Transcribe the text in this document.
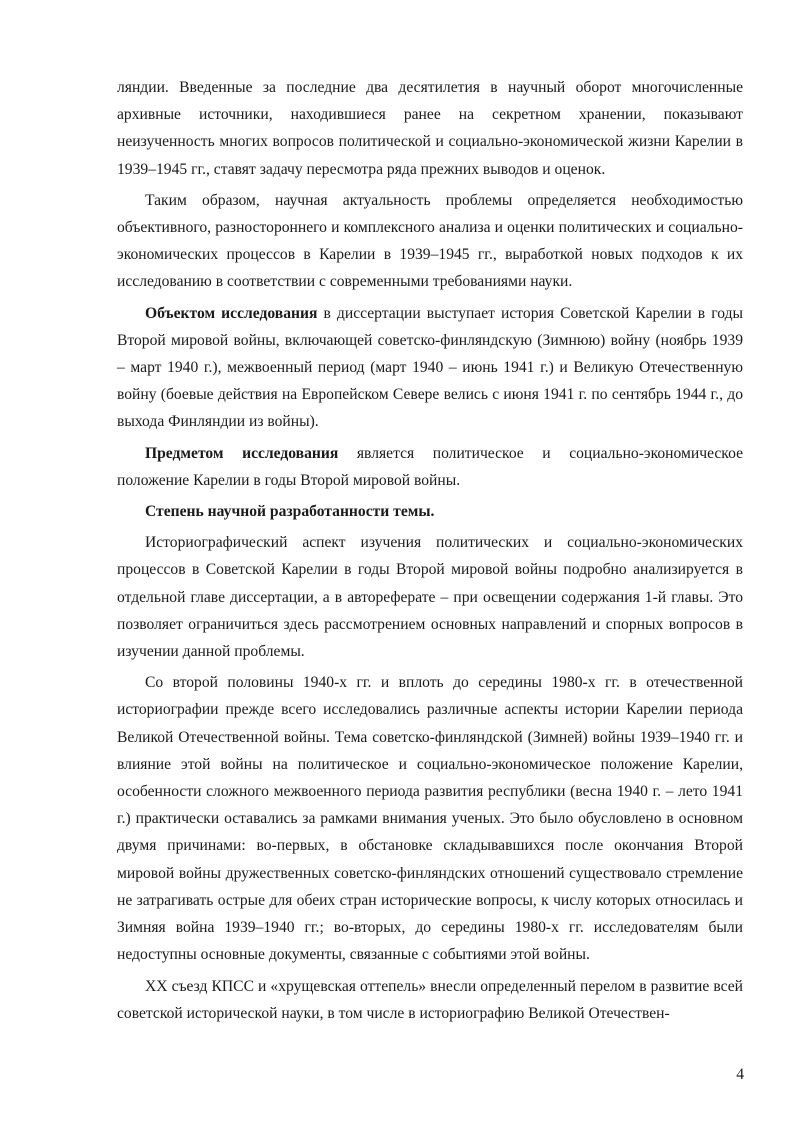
ляндии. Введенные за последние два десятилетия в научный оборот многочисленные архивные источники, находившиеся ранее на секретном хранении, показывают неизученность многих вопросов политической и социально-экономической жизни Карелии в 1939–1945 гг., ставят задачу пересмотра ряда прежних выводов и оценок.

Таким образом, научная актуальность проблемы определяется необходимостью объективного, разностороннего и комплексного анализа и оценки политических и социально-экономических процессов в Карелии в 1939–1945 гг., выработкой новых подходов к их исследованию в соответствии с современными требованиями науки.

Объектом исследования в диссертации выступает история Советской Карелии в годы Второй мировой войны, включающей советско-финляндскую (Зимнюю) войну (ноябрь 1939 – март 1940 г.), межвоенный период (март 1940 – июнь 1941 г.) и Великую Отечественную войну (боевые действия на Европейском Севере велись с июня 1941 г. по сентябрь 1944 г., до выхода Финляндии из войны).

Предметом исследования является политическое и социально-экономическое положение Карелии в годы Второй мировой войны.

Степень научной разработанности темы.

Историографический аспект изучения политических и социально-экономических процессов в Советской Карелии в годы Второй мировой войны подробно анализируется в отдельной главе диссертации, а в автореферате – при освещении содержания 1-й главы. Это позволяет ограничиться здесь рассмотрением основных направлений и спорных вопросов в изучении данной проблемы.

Со второй половины 1940-х гг. и вплоть до середины 1980-х гг. в отечественной историографии прежде всего исследовались различные аспекты истории Карелии периода Великой Отечественной войны. Тема советско-финляндской (Зимней) войны 1939–1940 гг. и влияние этой войны на политическое и социально-экономическое положение Карелии, особенности сложного межвоенного периода развития республики (весна 1940 г. – лето 1941 г.) практически оставались за рамками внимания ученых. Это было обусловлено в основном двумя причинами: во-первых, в обстановке складывавшихся после окончания Второй мировой войны дружественных советско-финляндских отношений существовало стремление не затрагивать острые для обеих стран исторические вопросы, к числу которых относилась и Зимняя война 1939–1940 гг.; во-вторых, до середины 1980-х гг. исследователям были недоступны основные документы, связанные с событиями этой войны.

XX съезд КПСС и «хрущевская оттепель» внесли определенный перелом в развитие всей советской исторической науки, в том числе в историографию Великой Отечествен-

4
